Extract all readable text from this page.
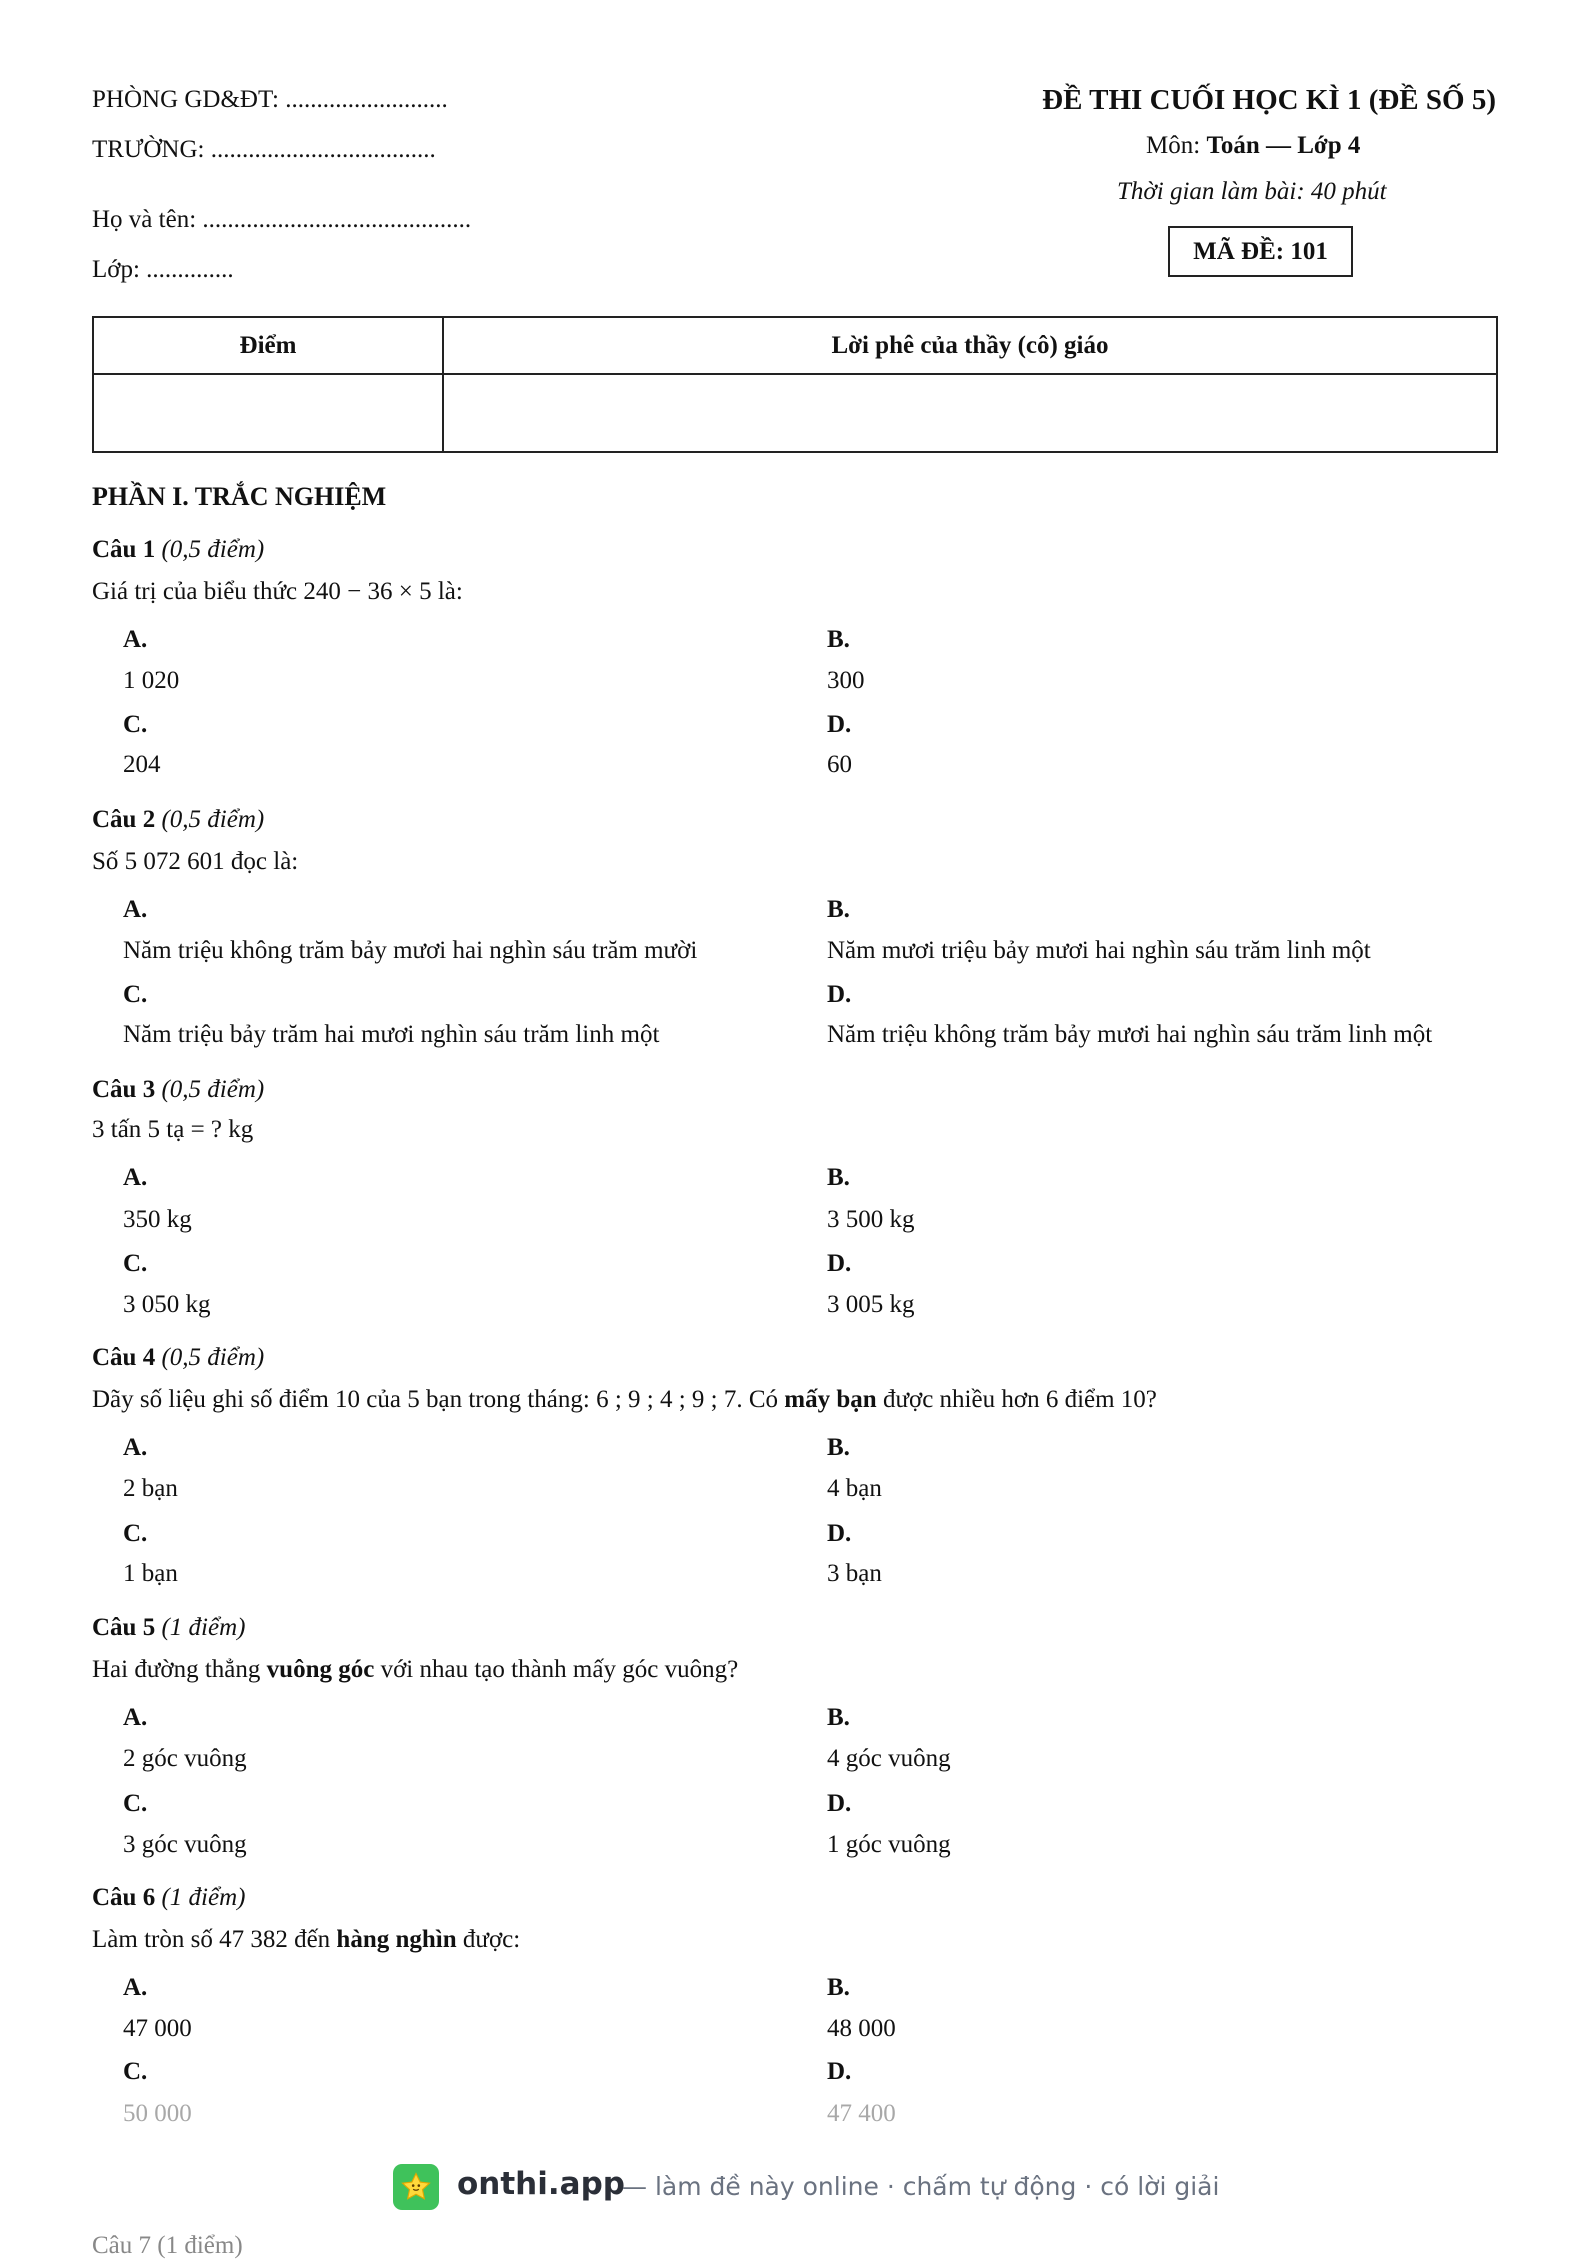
PHÒNG GD&ĐT: ..........................
TRƯỜNG: ....................................
Họ và tên: ...........................................
Lớp: ..............
ĐỀ THI CUỐI HỌC KÌ 1 (ĐỀ SỐ 5)
Môn: Toán — Lớp 4
Thời gian làm bài: 40 phút
MÃ ĐỀ: 101
Điểm	Lời phê của thầy (cô) giáo
PHẦN I. TRẮC NGHIỆM
Câu 1 (0,5 điểm)
Giá trị của biểu thức 240 − 36 × 5 là:
A.
1 020
B.
300
C.
204
D.
60
Câu 2 (0,5 điểm)
Số 5 072 601 đọc là:
A.
Năm triệu không trăm bảy mươi hai nghìn sáu trăm mười
B.
Năm mươi triệu bảy mươi hai nghìn sáu trăm linh một
C.
Năm triệu bảy trăm hai mươi nghìn sáu trăm linh một
D.
Năm triệu không trăm bảy mươi hai nghìn sáu trăm linh một
Câu 3 (0,5 điểm)
3 tấn 5 tạ = ? kg
A.
350 kg
B.
3 500 kg
C.
3 050 kg
D.
3 005 kg
Câu 4 (0,5 điểm)
Dãy số liệu ghi số điểm 10 của 5 bạn trong tháng: 6 ; 9 ; 4 ; 9 ; 7. Có mấy bạn được nhiều hơn 6 điểm 10?
A.
2 bạn
B.
4 bạn
C.
1 bạn
D.
3 bạn
Câu 5 (1 điểm)
Hai đường thẳng vuông góc với nhau tạo thành mấy góc vuông?
A.
2 góc vuông
B.
4 góc vuông
C.
3 góc vuông
D.
1 góc vuông
Câu 6 (1 điểm)
Làm tròn số 47 382 đến hàng nghìn được:
A.
47 000
B.
48 000
C.
50 000
D.
47 400
onthi.app
— làm đề này online · chấm tự động · có lời giải
Câu 7 (1 điểm)
